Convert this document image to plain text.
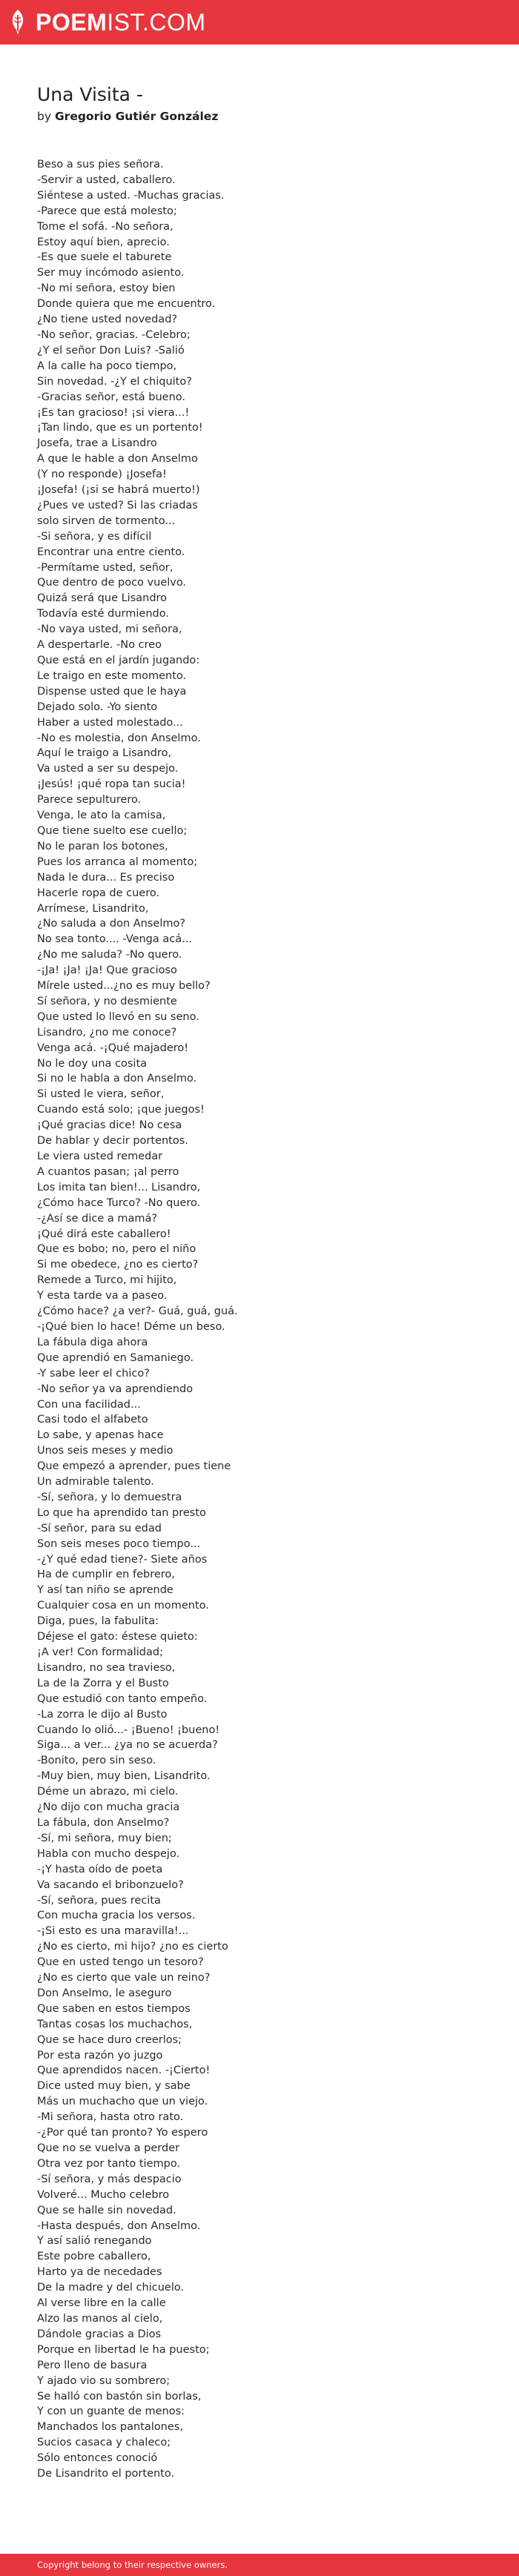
POEMIST.COM
Una Visita -
by Gregorio Gutiér González
Beso a sus pies señora.
-Servir a usted, caballero.
Siéntese a usted. -Muchas gracias.
-Parece que está molesto;
Tome el sofá. -No señora,
Estoy aquí bien, aprecio.
-Es que suele el taburete
Ser muy incómodo asiento.
-No mi señora, estoy bien
Donde quiera que me encuentro.
¿No tiene usted novedad?
-No señor, gracias. -Celebro;
¿Y el señor Don Luis? -Salió
A la calle ha poco tiempo,
Sin novedad. -¿Y el chiquito?
-Gracias señor, está bueno.
¡Es tan gracioso! ¡si viera...!
¡Tan lindo, que es un portento!
Josefa, trae a Lisandro
A que le hable a don Anselmo
(Y no responde) ¡Josefa!
¡Josefa! (¡si se habrá muerto!)
¿Pues ve usted? Si las criadas
solo sirven de tormento...
-Si señora, y es difícil
Encontrar una entre ciento.
-Permítame usted, señor,
Que dentro de poco vuelvo.
Quizá será que Lisandro
Todavía esté durmiendo.
-No vaya usted, mi señora,
A despertarle. -No creo
Que está en el jardín jugando:
Le traigo en este momento.
Dispense usted que le haya
Dejado solo. -Yo siento
Haber a usted molestado...
-No es molestia, don Anselmo.
Aquí le traigo a Lisandro,
Va usted a ser su despejo.
¡Jesús! ¡qué ropa tan sucia!
Parece sepulturero.
Venga, le ato la camisa,
Que tiene suelto ese cuello;
No le paran los botones,
Pues los arranca al momento;
Nada le dura... Es preciso
Hacerle ropa de cuero.
Arrímese, Lisandrito,
¿No saluda a don Anselmo?
No sea tonto.... -Venga acá...
¿No me saluda? -No quero.
-¡Ja! ¡Ja! ¡Ja! Que gracioso
Mírele usted...¿no es muy bello?
Sí señora, y no desmiente
Que usted lo llevó en su seno.
Lisandro, ¿no me conoce?
Venga acá. -¡Qué majadero!
No le doy una cosita
Si no le habla a don Anselmo.
Si usted le viera, señor,
Cuando está solo; ¡que juegos!
¡Qué gracias dice! No cesa
De hablar y decir portentos.
Le viera usted remedar
A cuantos pasan; ¡al perro
Los imita tan bien!... Lisandro,
¿Cómo hace Turco? -No quero.
-¿Así se dice a mamá?
¡Qué dirá este caballero!
Que es bobo; no, pero el niño
Si me obedece, ¿no es cierto?
Remede a Turco, mi hijito,
Y esta tarde va a paseo.
¿Cómo hace? ¿a ver?- Guá, guá, guá.
-¡Qué bien lo hace! Déme un beso.
La fábula diga ahora
Que aprendió en Samaniego.
-Y sabe leer el chico?
-No señor ya va aprendiendo
Con una facilidad...
Casi todo el alfabeto
Lo sabe, y apenas hace
Unos seis meses y medio
Que empezó a aprender, pues tiene
Un admirable talento.
-Sí, señora, y lo demuestra
Lo que ha aprendido tan presto
-Sí señor, para su edad
Son seis meses poco tiempo...
-¿Y qué edad tiene?- Siete años
Ha de cumplir en febrero,
Y así tan niño se aprende
Cualquier cosa en un momento.
Diga, pues, la fabulita:
Déjese el gato: éstese quieto:
¡A ver! Con formalidad;
Lisandro, no sea travieso,
La de la Zorra y el Busto
Que estudió con tanto empeño.
-La zorra le dijo al Busto
Cuando lo olió...- ¡Bueno! ¡bueno!
Siga... a ver... ¿ya no se acuerda?
-Bonito, pero sin seso.
-Muy bien, muy bien, Lisandrito.
Déme un abrazo, mi cielo.
¿No dijo con mucha gracia
La fábula, don Anselmo?
-Sí, mi señora, muy bien;
Habla con mucho despejo.
-¡Y hasta oído de poeta
Va sacando el bribonzuelo?
-Sí, señora, pues recita
Con mucha gracia los versos.
-¡Si esto es una maravilla!...
¿No es cierto, mi hijo? ¿no es cierto
Que en usted tengo un tesoro?
¿No es cierto que vale un reino?
Don Anselmo, le aseguro
Que saben en estos tiempos
Tantas cosas los muchachos,
Que se hace duro creerlos;
Por esta razón yo juzgo
Que aprendidos nacen. -¡Cierto!
Dice usted muy bien, y sabe
Más un muchacho que un viejo.
-Mi señora, hasta otro rato.
-¿Por qué tan pronto? Yo espero
Que no se vuelva a perder
Otra vez por tanto tiempo.
-Sí señora, y más despacio
Volveré... Mucho celebro
Que se halle sin novedad.
-Hasta después, don Anselmo.
Y así salió renegando
Este pobre caballero,
Harto ya de necedades
De la madre y del chicuelo.
Al verse libre en la calle
Alzo las manos al cielo,
Dándole gracias a Dios
Porque en libertad le ha puesto;
Pero lleno de basura
Y ajado vio su sombrero;
Se halló con bastón sin borlas,
Y con un guante de menos:
Manchados los pantalones,
Sucios casaca y chaleco;
Sólo entonces conoció
De Lisandrito el portento.
Copyright belong to their respective owners.
